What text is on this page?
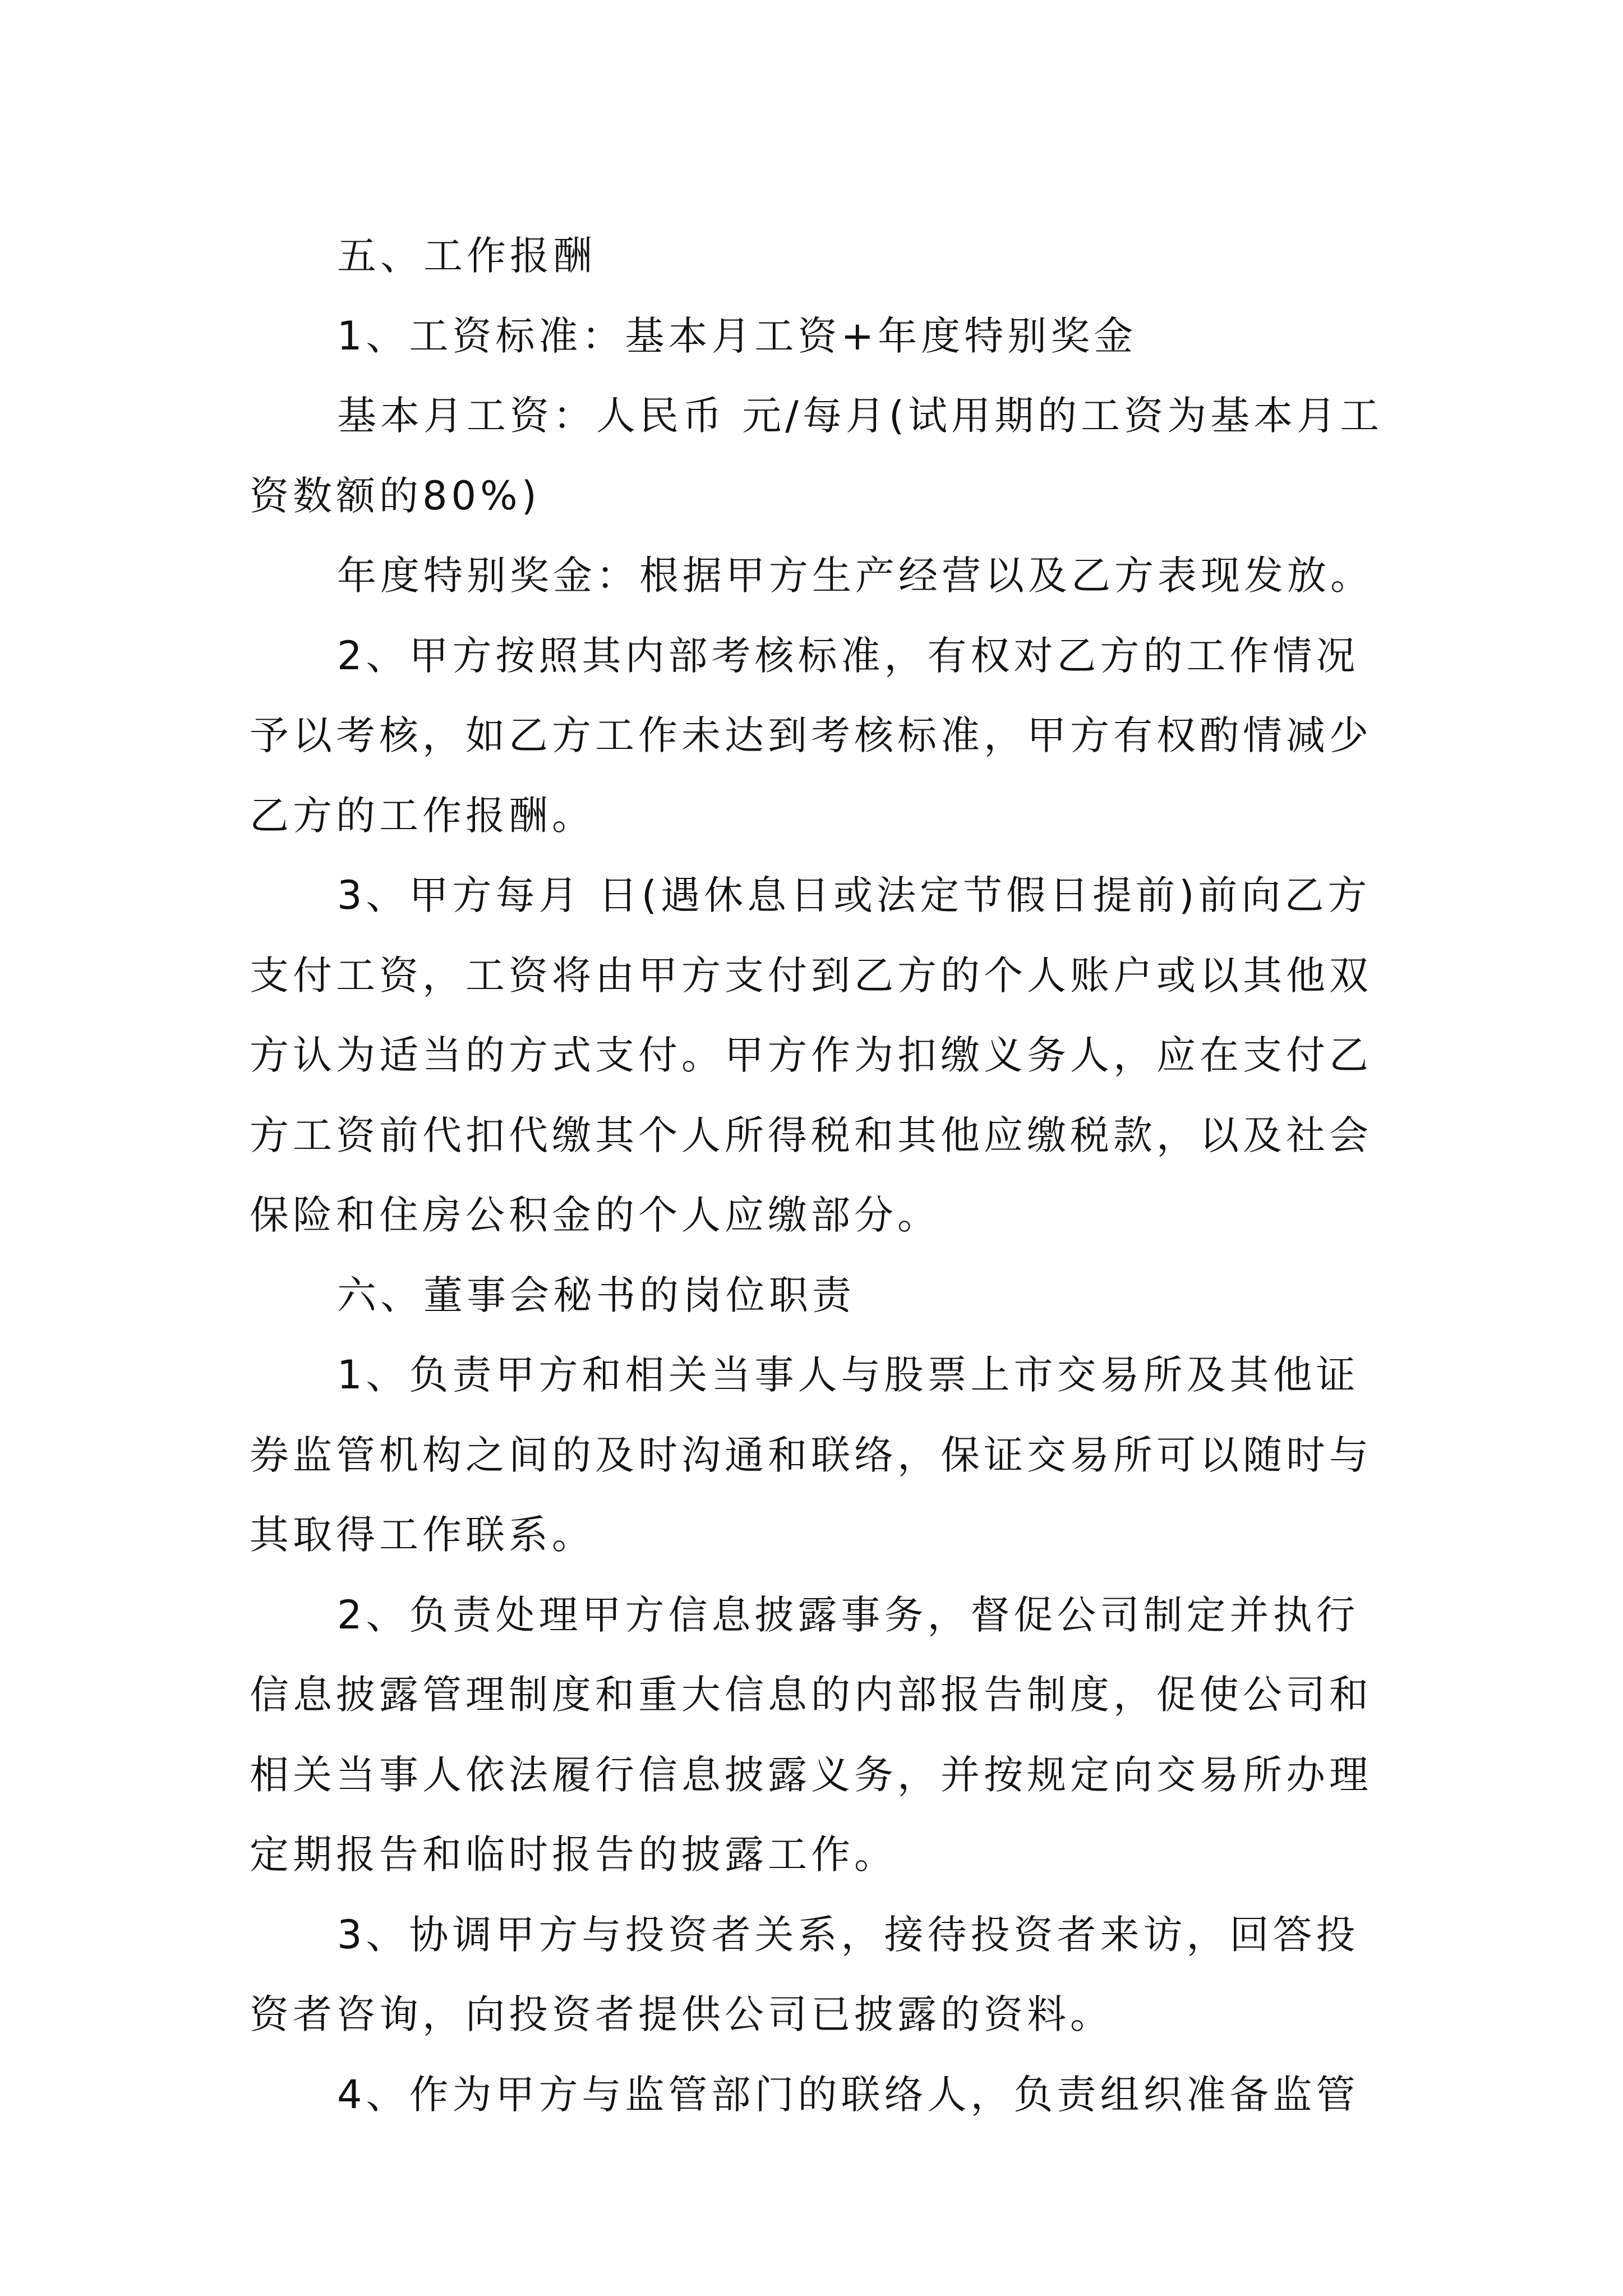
五、工作报酬

1、工资标准：基本月工资+年度特别奖金

基本月工资：人民币 元/每月(试用期的工资为基本月工资数额的80%)

年度特别奖金：根据甲方生产经营以及乙方表现发放。

2、甲方按照其内部考核标准，有权对乙方的工作情况予以考核，如乙方工作未达到考核标准，甲方有权酌情减少乙方的工作报酬。

3、甲方每月 日(遇休息日或法定节假日提前)前向乙方支付工资，工资将由甲方支付到乙方的个人账户或以其他双方认为适当的方式支付。甲方作为扣缴义务人，应在支付乙方工资前代扣代缴其个人所得税和其他应缴税款，以及社会保险和住房公积金的个人应缴部分。

六、董事会秘书的岗位职责

1、负责甲方和相关当事人与股票上市交易所及其他证券监管机构之间的及时沟通和联络，保证交易所可以随时与其取得工作联系。

2、负责处理甲方信息披露事务，督促公司制定并执行信息披露管理制度和重大信息的内部报告制度，促使公司和相关当事人依法履行信息披露义务，并按规定向交易所办理定期报告和临时报告的披露工作。

3、协调甲方与投资者关系，接待投资者来访，回答投资者咨询，向投资者提供公司已披露的资料。

4、作为甲方与监管部门的联络人，负责组织准备监管
